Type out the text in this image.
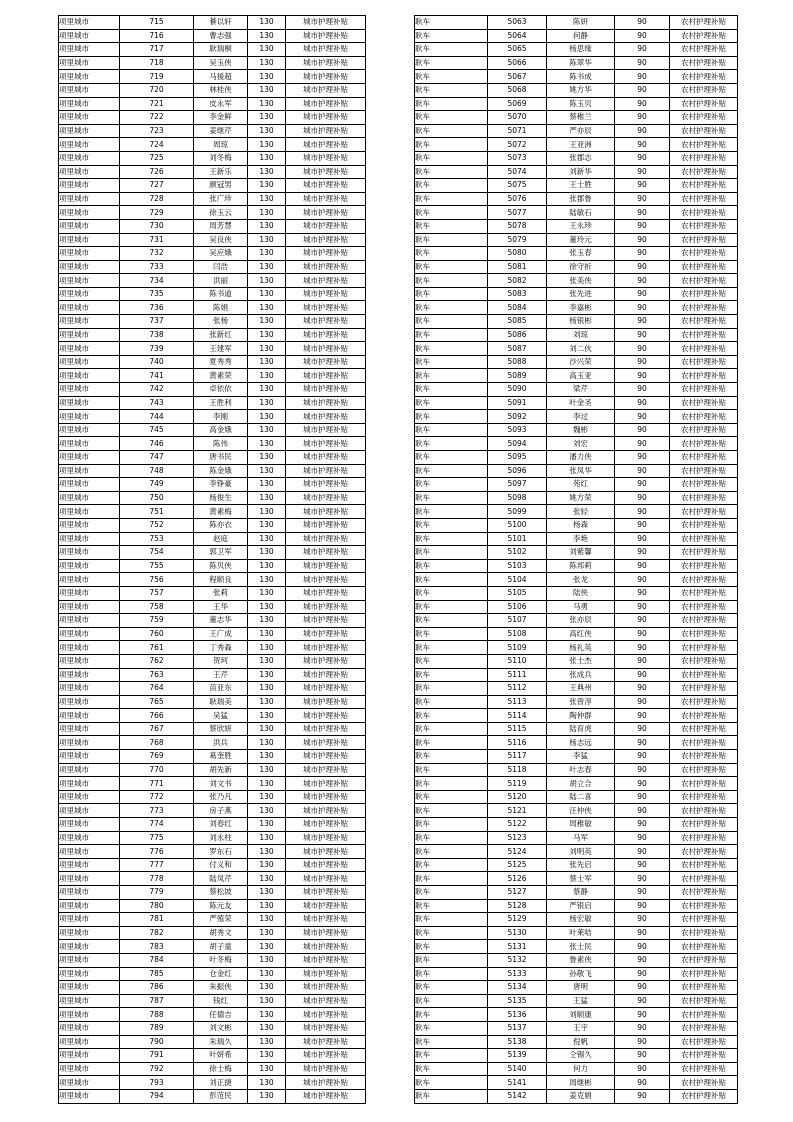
项里城市	715	綦以轩	130	城市护理补贴
项里城市	716	曹志强	130	城市护理补贴
项里城市	717	耿瑞桐	130	城市护理补贴
项里城市	718	吴玉侠	130	城市护理补贴
项里城市	719	马援超	130	城市护理补贴
项里城市	720	林桂侠	130	城市护理补贴
项里城市	721	皮永军	130	城市护理补贴
项里城市	722	李金鲜	130	城市护理补贴
项里城市	723	姜继芹	130	城市护理补贴
项里城市	724	周琼	130	城市护理补贴
项里城市	725	刘冬梅	130	城市护理补贴
项里城市	726	王新乐	130	城市护理补贴
项里城市	727	颜冠男	130	城市护理补贴
项里城市	728	张广珍	130	城市护理补贴
项里城市	729	徐玉云	130	城市护理补贴
项里城市	730	周芳慧	130	城市护理补贴
项里城市	731	吴良侠	130	城市护理补贴
项里城市	732	吴应娥	130	城市护理补贴
项里城市	733	闫浩	130	城市护理补贴
项里城市	734	洪丽	130	城市护理补贴
项里城市	735	陈书道	130	城市护理补贴
项里城市	736	陈娟	130	城市护理补贴
项里城市	737	张杨	130	城市护理补贴
项里城市	738	张新红	130	城市护理补贴
项里城市	739	王建军	130	城市护理补贴
项里城市	740	夏秀秀	130	城市护理补贴
项里城市	741	黄素荣	130	城市护理补贴
项里城市	742	卓依依	130	城市护理补贴
项里城市	743	王胜利	130	城市护理补贴
项里城市	744	李刚	130	城市护理补贴
项里城市	745	高金娥	130	城市护理补贴
项里城市	746	陈伟	130	城市护理补贴
项里城市	747	唐书民	130	城市护理补贴
项里城市	748	陈金娥	130	城市护理补贴
项里城市	749	李铮豪	130	城市护理补贴
项里城市	750	杨俊生	130	城市护理补贴
项里城市	751	黄素梅	130	城市护理补贴
项里城市	752	陈亦衣	130	城市护理补贴
项里城市	753	赵庭	130	城市护理补贴
项里城市	754	郭卫军	130	城市护理补贴
项里城市	755	陈贝侠	130	城市护理补贴
项里城市	756	程顺良	130	城市护理补贴
项里城市	757	张莉	130	城市护理补贴
项里城市	758	王华	130	城市护理补贴
项里城市	759	董志华	130	城市护理补贴
项里城市	760	王广成	130	城市护理补贴
项里城市	761	丁秀森	130	城市护理补贴
项里城市	762	贺珂	130	城市护理补贴
项里城市	763	王芹	130	城市护理补贴
项里城市	764	苗亚东	130	城市护理补贴
项里城市	765	耿瑞美	130	城市护理补贴
项里城市	766	吴猛	130	城市护理补贴
项里城市	767	蔡欣妍	130	城市护理补贴
项里城市	768	洪兵	130	城市护理补贴
项里城市	769	葛奎胜	130	城市护理补贴
项里城市	770	胡先新	130	城市护理补贴
项里城市	771	刘文书	130	城市护理补贴
项里城市	772	张乃凡	130	城市护理补贴
项里城市	773	房子燕	130	城市护理补贴
项里城市	774	刘春红	130	城市护理补贴
项里城市	775	刘永柱	130	城市护理补贴
项里城市	776	罗东石	130	城市护理补贴
项里城市	777	付义和	130	城市护理补贴
项里城市	778	陆凤芹	130	城市护理补贴
项里城市	779	蔡松坡	130	城市护理补贴
项里城市	780	陈元友	130	城市护理补贴
项里城市	781	严殖荣	130	城市护理补贴
项里城市	782	胡秀文	130	城市护理补贴
项里城市	783	胡子童	130	城市护理补贴
项里城市	784	叶冬梅	130	城市护理补贴
项里城市	785	仓金红	130	城市护理补贴
项里城市	786	朱振侠	130	城市护理补贴
项里城市	787	钱红	130	城市护理补贴
项里城市	788	任德吉	130	城市护理补贴
项里城市	789	刘文彬	130	城市护理补贴
项里城市	790	朱瑞久	130	城市护理补贴
项里城市	791	叶妍希	130	城市护理补贴
项里城市	792	徐士梅	130	城市护理补贴
项里城市	793	刘正捷	130	城市护理补贴
项里城市	794	彭范民	130	城市护理补贴
耿车	5063	陈妍	90	农村护理补贴
耿车	5064	何静	90	农村护理补贴
耿车	5065	杨思缘	90	农村护理补贴
耿车	5066	陈翠华	90	农村护理补贴
耿车	5067	陈书成	90	农村护理补贴
耿车	5068	姚方华	90	农村护理补贴
耿车	5069	陈玉贝	90	农村护理补贴
耿车	5070	蔡稚兰	90	农村护理补贴
耿车	5071	严亦辰	90	农村护理补贴
耿车	5072	王亚洲	90	农村护理补贴
耿车	5073	张郡志	90	农村护理补贴
耿车	5074	刘新华	90	农村护理补贴
耿车	5075	王士胜	90	农村护理补贴
耿车	5076	张郡鲁	90	农村护理补贴
耿车	5077	陆敏石	90	农村护理补贴
耿车	5078	王永珍	90	农村护理补贴
耿车	5079	董玲元	90	农村护理补贴
耿车	5080	张玉春	90	农村护理补贴
耿车	5081	徐守折	90	农村护理补贴
耿车	5082	张美侠	90	农村护理补贴
耿车	5083	张先进	90	农村护理补贴
耿车	5084	李嘉彬	90	农村护理补贴
耿车	5085	杨银彬	90	农村护理补贴
耿车	5086	刘琼	90	农村护理补贴
耿车	5087	刘二伙	90	农村护理补贴
耿车	5088	沙兴荣	90	农村护理补贴
耿车	5089	高玉亚	90	农村护理补贴
耿车	5090	梁芹	90	农村护理补贴
耿车	5091	叶金圣	90	农村护理补贴
耿车	5092	李过	90	农村护理补贴
耿车	5093	魏彬	90	农村护理补贴
耿车	5094	刘宏	90	农村护理补贴
耿车	5095	潘力侠	90	农村护理补贴
耿车	5096	张凤华	90	农村护理补贴
耿车	5097	苑红	90	农村护理补贴
耿车	5098	姚方荣	90	农村护理补贴
耿车	5099	张轻	90	农村护理补贴
耿车	5100	杨森	90	农村护理补贴
耿车	5101	李艳	90	农村护理补贴
耿车	5102	刘紫馨	90	农村护理补贴
耿车	5103	陈邦莉	90	农村护理补贴
耿车	5104	张龙	90	农村护理补贴
耿车	5105	陆侠	90	农村护理补贴
耿车	5106	马勇	90	农村护理补贴
耿车	5107	张亦辰	90	农村护理补贴
耿车	5108	高红侠	90	农村护理补贴
耿车	5109	杨礼英	90	农村护理补贴
耿车	5110	张士杰	90	农村护理补贴
耿车	5111	张成兵	90	农村护理补贴
耿车	5112	王典州	90	农村护理补贴
耿车	5113	张曾淳	90	农村护理补贴
耿车	5114	陶仲群	90	农村护理补贴
耿车	5115	陆育虎	90	农村护理补贴
耿车	5116	杨志远	90	农村护理补贴
耿车	5117	李猛	90	农村护理补贴
耿车	5118	叶志春	90	农村护理补贴
耿车	5119	胡立合	90	农村护理补贴
耿车	5120	陆二喜	90	农村护理补贴
耿车	5121	汪仲侠	90	农村护理补贴
耿车	5122	周稚敏	90	农村护理补贴
耿车	5123	马军	90	农村护理补贴
耿车	5124	刘明英	90	农村护理补贴
耿车	5125	张先启	90	农村护理补贴
耿车	5126	蔡士军	90	农村护理补贴
耿车	5127	蔡静	90	农村护理补贴
耿车	5128	严银启	90	农村护理补贴
耿车	5129	杨宏敏	90	农村护理补贴
耿车	5130	叶莱咭	90	农村护理补贴
耿车	5131	张士民	90	农村护理补贴
耿车	5132	鲁素侠	90	农村护理补贴
耿车	5133	孙敬飞	90	农村护理补贴
耿车	5134	唐明	90	农村护理补贴
耿车	5135	王猛	90	农村护理补贴
耿车	5136	刘顺康	90	农村护理补贴
耿车	5137	王宇	90	农村护理补贴
耿车	5138	倪帆	90	农村护理补贴
耿车	5139	仝锡久	90	农村护理补贴
耿车	5140	何力	90	农村护理补贴
耿车	5141	周继彬	90	农村护理补贴
耿车	5142	姜克娟	90	农村护理补贴
